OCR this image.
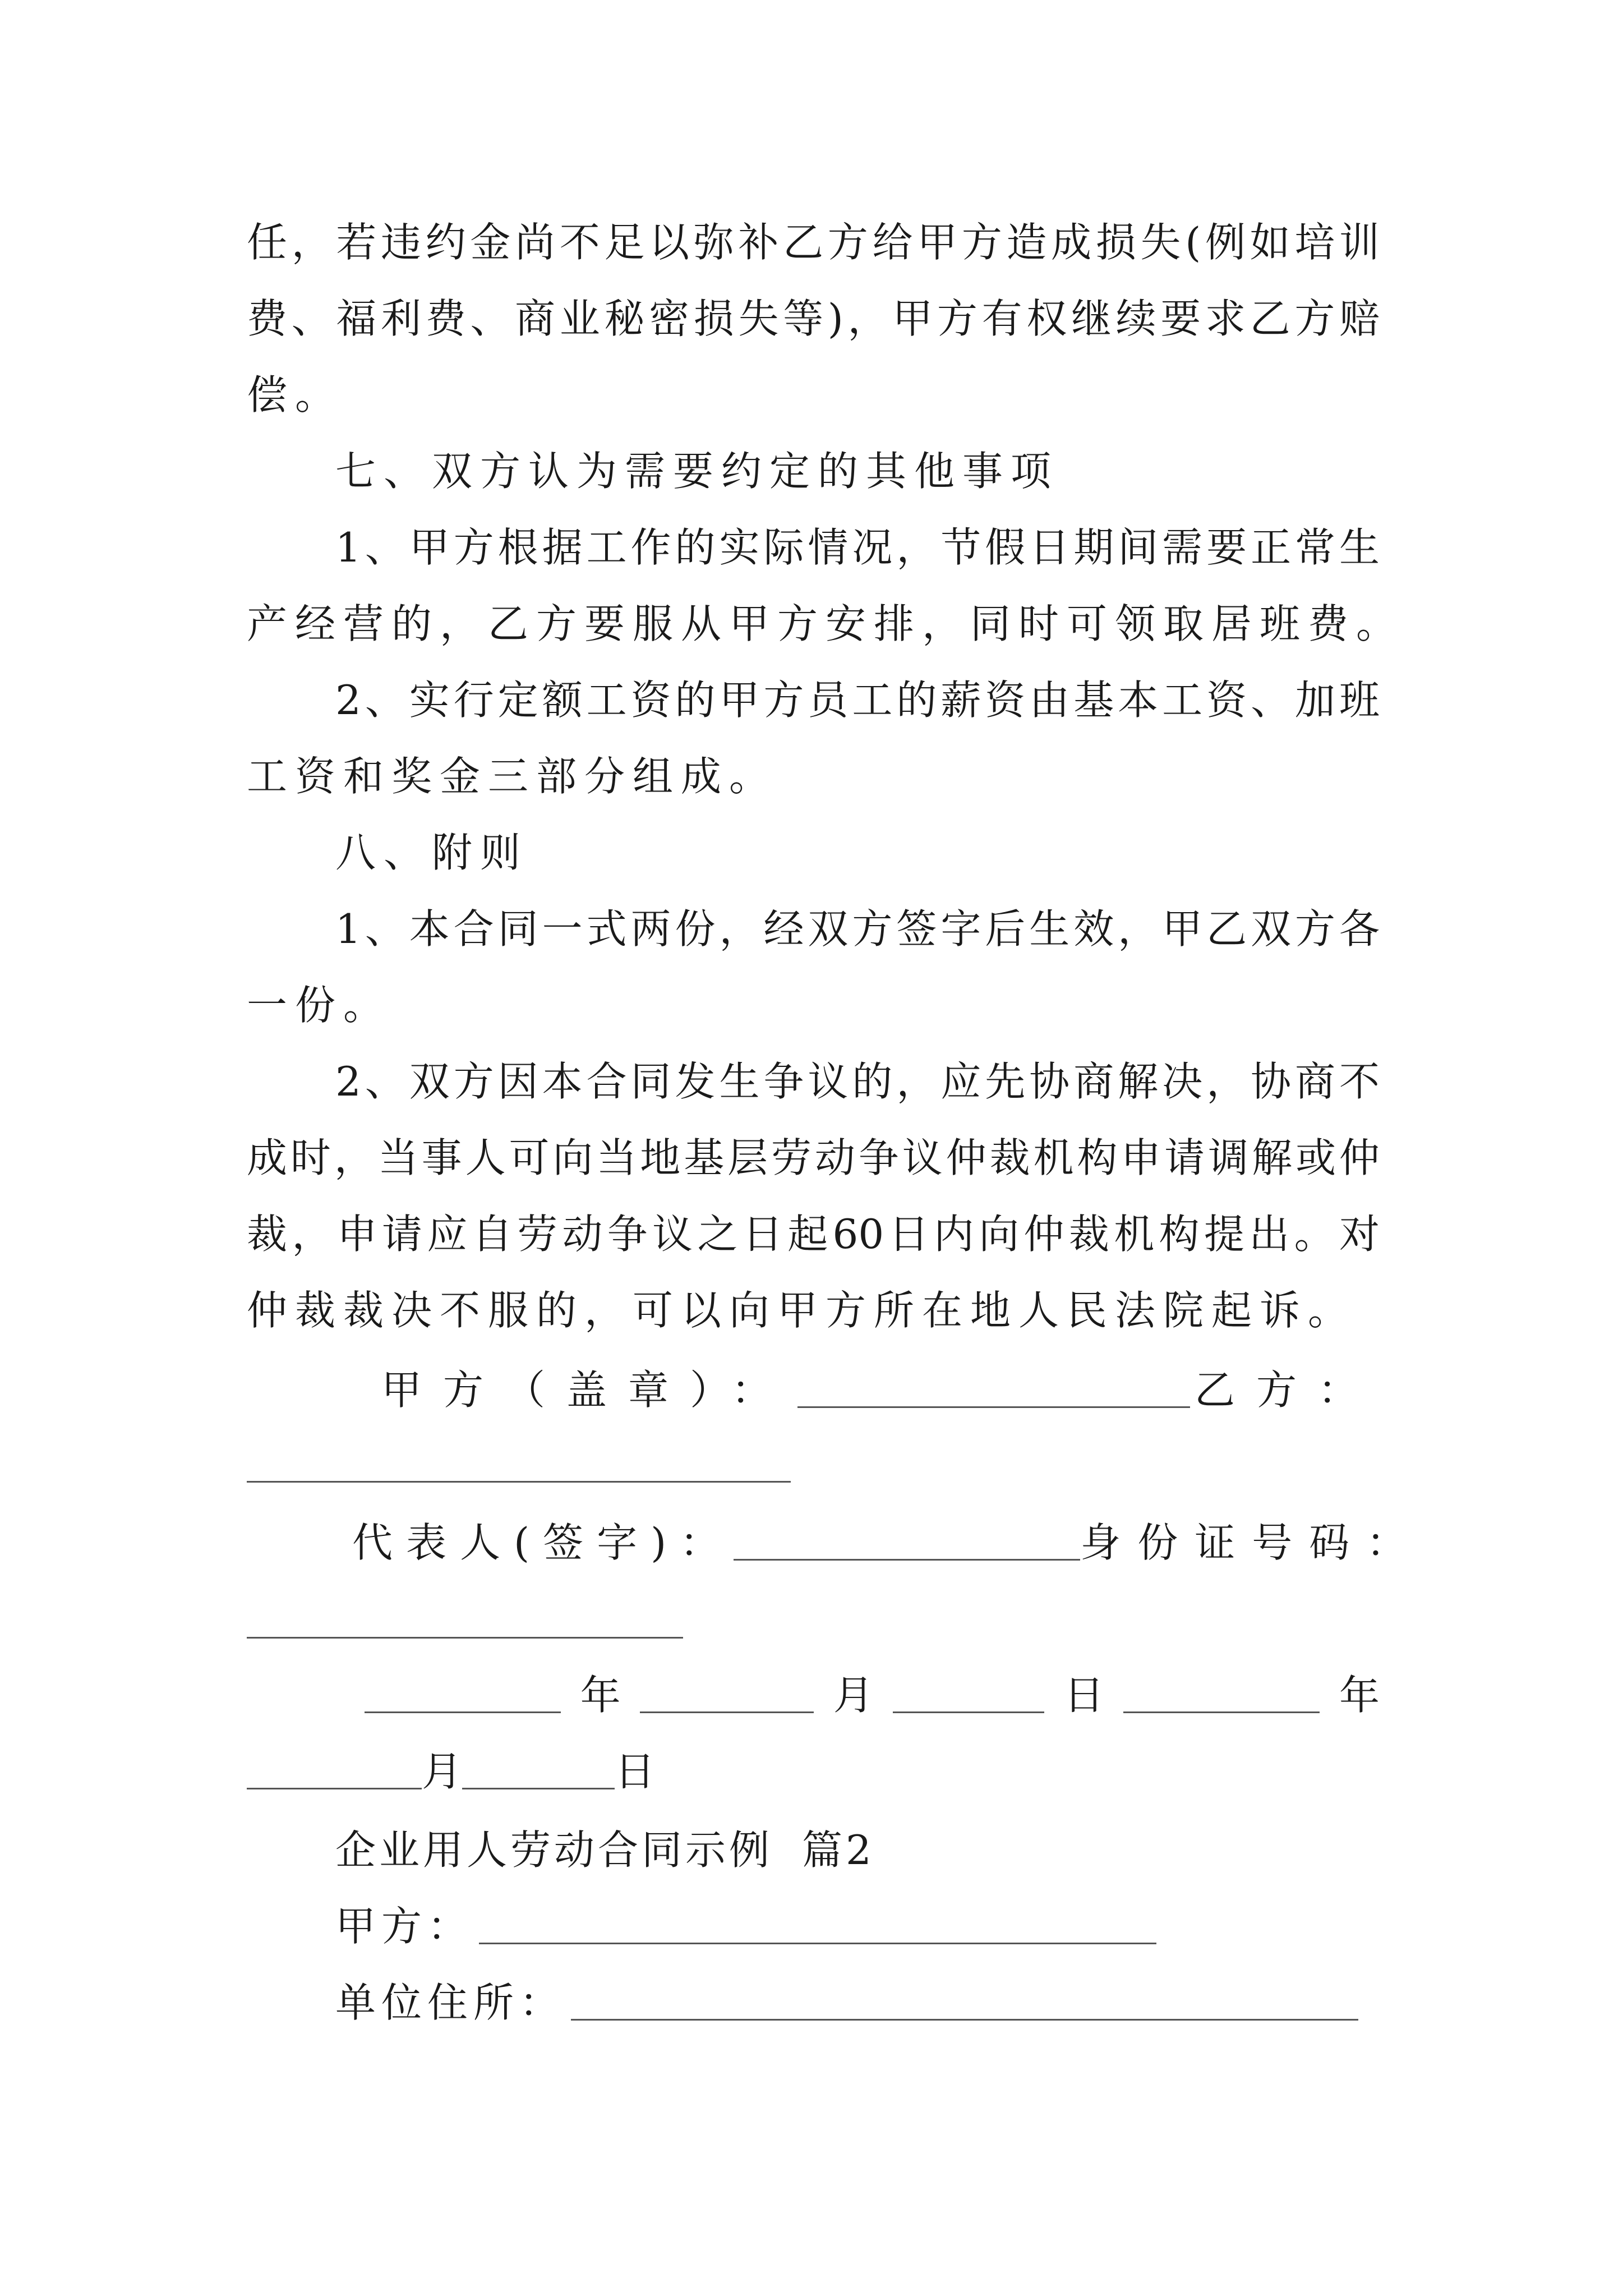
任，若违约金尚不足以弥补乙方给甲方造成损失(例如培训
费、福利费、商业秘密损失等)，甲方有权继续要求乙方赔
偿。
七、双方认为需要约定的其他事项
1、甲方根据工作的实际情况，节假日期间需要正常生
产经营的，乙方要服从甲方安排，同时可领取居班费。
2、实行定额工资的甲方员工的薪资由基本工资、加班
工资和奖金三部分组成。
八、附则
1、本合同一式两份，经双方签字后生效，甲乙双方各
一份。
2、双方因本合同发生争议的，应先协商解决，协商不
成时，当事人可向当地基层劳动争议仲裁机构申请调解或仲
裁，申请应自劳动争议之日起60日内向仲裁机构提出。对
仲裁裁决不服的，可以向甲方所在地人民法院起诉。
甲方（盖章）：	乙方：
代表人(签字)：	身份证号码：
年	月	日	年
月	日
企业用人劳动合同示例 篇2
甲方：
单位住所：
